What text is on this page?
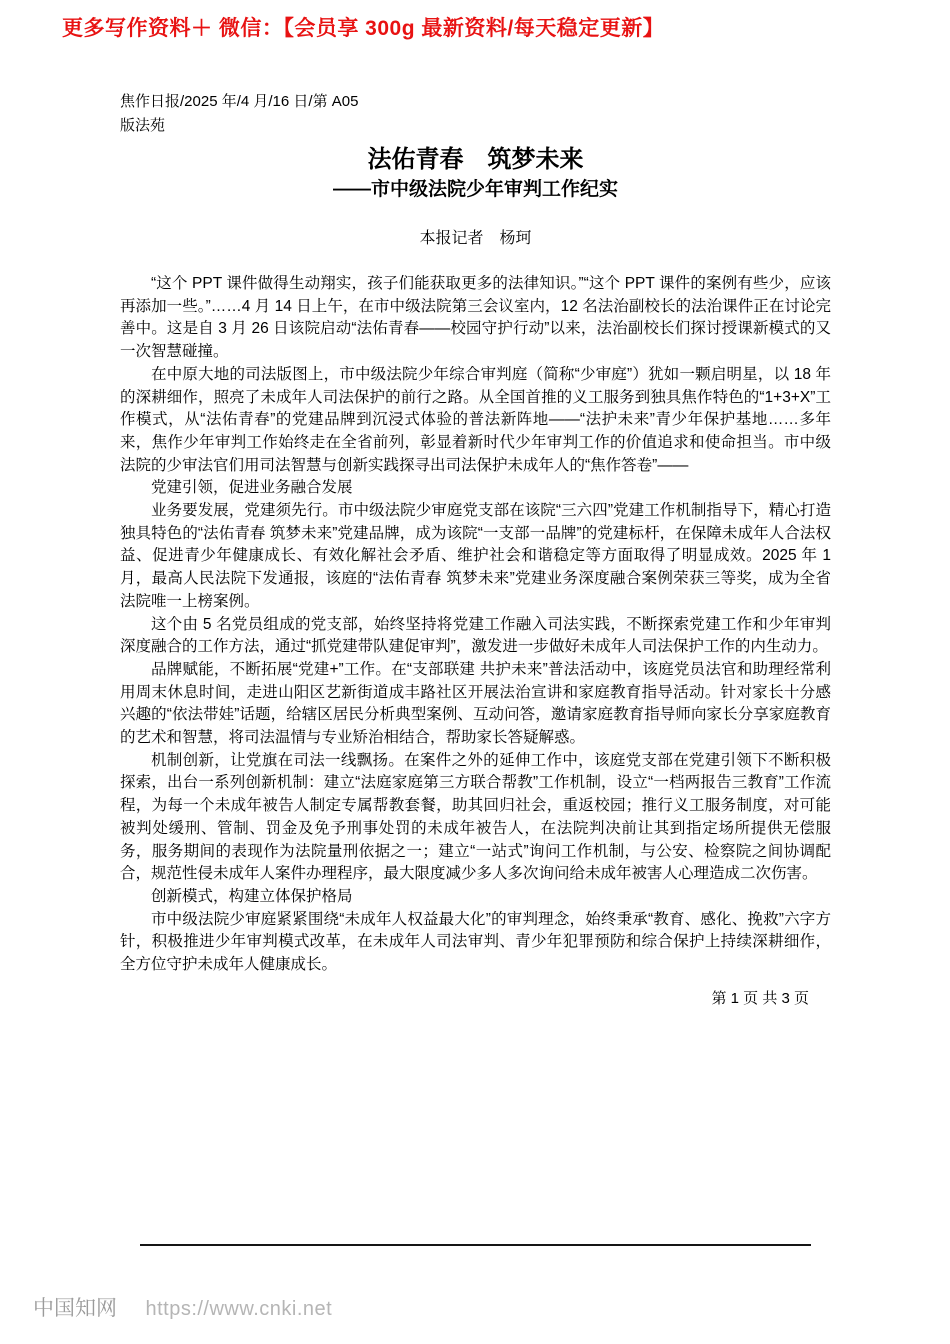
更多写作资料＋ 微信：【会员享 300g 最新资料/每天稳定更新】
焦作日报/2025 年/4 月/16 日/第 A05
版法苑
法佑青春　筑梦未来
——市中级法院少年审判工作纪实
本报记者　杨珂

“这个 PPT 课件做得生动翔实，孩子们能获取更多的法律知识。”“这个 PPT 课件的案例有些少，应该再添加一些。”……4 月 14 日上午，在市中级法院第三会议室内，12 名法治副校长的法治课件正在讨论完善中。这是自 3 月 26 日该院启动“法佑青春——校园守护行动”以来，法治副校长们探讨授课新模式的又一次智慧碰撞。

在中原大地的司法版图上，市中级法院少年综合审判庭（简称“少审庭”）犹如一颗启明星，以 18 年的深耕细作，照亮了未成年人司法保护的前行之路。从全国首推的义工服务到独具焦作特色的“1+3+X”工作模式，从“法佑青春”的党建品牌到沉浸式体验的普法新阵地——“法护未来”青少年保护基地……多年来，焦作少年审判工作始终走在全省前列，彰显着新时代少年审判工作的价值追求和使命担当。市中级法院的少审法官们用司法智慧与创新实践探寻出司法保护未成年人的“焦作答卷”——

党建引领，促进业务融合发展

业务要发展，党建须先行。市中级法院少审庭党支部在该院“三六四”党建工作机制指导下，精心打造独具特色的“法佑青春 筑梦未来”党建品牌，成为该院“一支部一品牌”的党建标杆，在保障未成年人合法权益、促进青少年健康成长、有效化解社会矛盾、维护社会和谐稳定等方面取得了明显成效。2025 年 1 月，最高人民法院下发通报，该庭的“法佑青春 筑梦未来”党建业务深度融合案例荣获三等奖，成为全省法院唯一上榜案例。

这个由 5 名党员组成的党支部，始终坚持将党建工作融入司法实践，不断探索党建工作和少年审判深度融合的工作方法，通过“抓党建带队建促审判”，激发进一步做好未成年人司法保护工作的内生动力。

品牌赋能，不断拓展“党建+”工作。在“支部联建 共护未来”普法活动中，该庭党员法官和助理经常利用周末休息时间，走进山阳区艺新街道成丰路社区开展法治宣讲和家庭教育指导活动。针对家长十分感兴趣的“依法带娃”话题，给辖区居民分析典型案例、互动问答，邀请家庭教育指导师向家长分享家庭教育的艺术和智慧，将司法温情与专业矫治相结合，帮助家长答疑解惑。

机制创新，让党旗在司法一线飘扬。在案件之外的延伸工作中，该庭党支部在党建引领下不断积极探索，出台一系列创新机制：建立“法庭家庭第三方联合帮教”工作机制，设立“一档两报告三教育”工作流程，为每一个未成年被告人制定专属帮教套餐，助其回归社会，重返校园；推行义工服务制度，对可能被判处缓刑、管制、罚金及免予刑事处罚的未成年被告人，在法院判决前让其到指定场所提供无偿服务，服务期间的表现作为法院量刑依据之一；建立“一站式”询问工作机制，与公安、检察院之间协调配合，规范性侵未成年人案件办理程序，最大限度减少多人多次询问给未成年被害人心理造成二次伤害。

创新模式，构建立体保护格局

市中级法院少审庭紧紧围绕“未成年人权益最大化”的审判理念，始终秉承“教育、感化、挽救”六字方针，积极推进少年审判模式改革，在未成年人司法审判、青少年犯罪预防和综合保护上持续深耕细作，全方位守护未成年人健康成长。

第 1 页 共 3 页
中国知网 https://www.cnki.net
